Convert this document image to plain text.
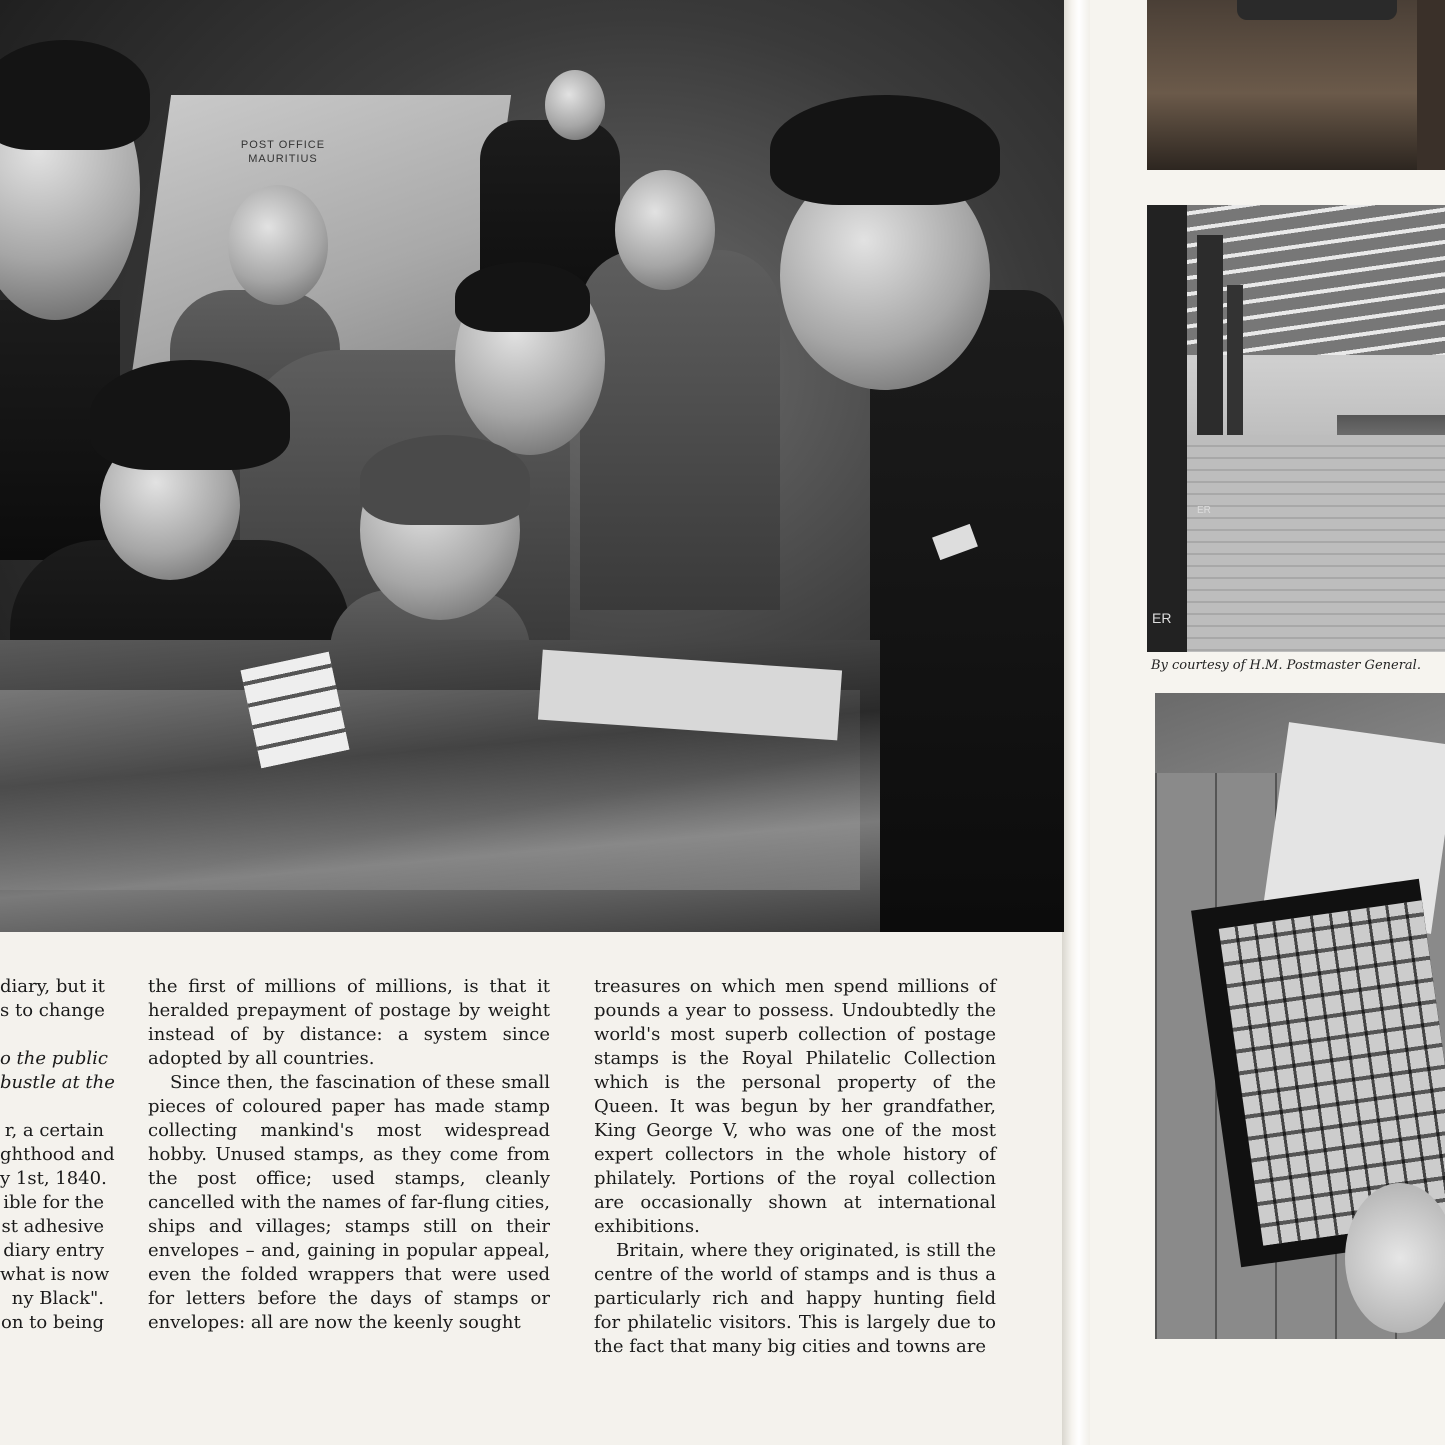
POST OFFICE
MAURITIUS
ER
ER
By courtesy of H.M. Postmaster General.
diary, but it
s to change

o the public
bustle at the

r, a certain
ghthood and
y 1st, 1840.
ible for the
st adhesive
diary entry
what is now
ny Black".
on to being

the first of millions of millions, is that it heralded prepayment of postage by weight instead of by distance: a system since adopted by all countries.

Since then, the fascination of these small pieces of coloured paper has made stamp collecting mankind's most widespread hobby. Unused stamps, as they come from the post office; used stamps, cleanly cancelled with the names of far-flung cities, ships and villages; stamps still on their envelopes – and, gaining in popular appeal, even the folded wrappers that were used for letters before the days of stamps or envelopes: all are now the keenly sought

treasures on which men spend millions of pounds a year to possess. Undoubtedly the world's most superb collection of postage stamps is the Royal Philatelic Collection which is the personal property of the Queen. It was begun by her grandfather, King George V, who was one of the most expert collectors in the whole history of philately. Portions of the royal collection are occasionally shown at international exhibitions.

Britain, where they originated, is still the centre of the world of stamps and is thus a particularly rich and happy hunting field for philatelic visitors. This is largely due to the fact that many big cities and towns are
